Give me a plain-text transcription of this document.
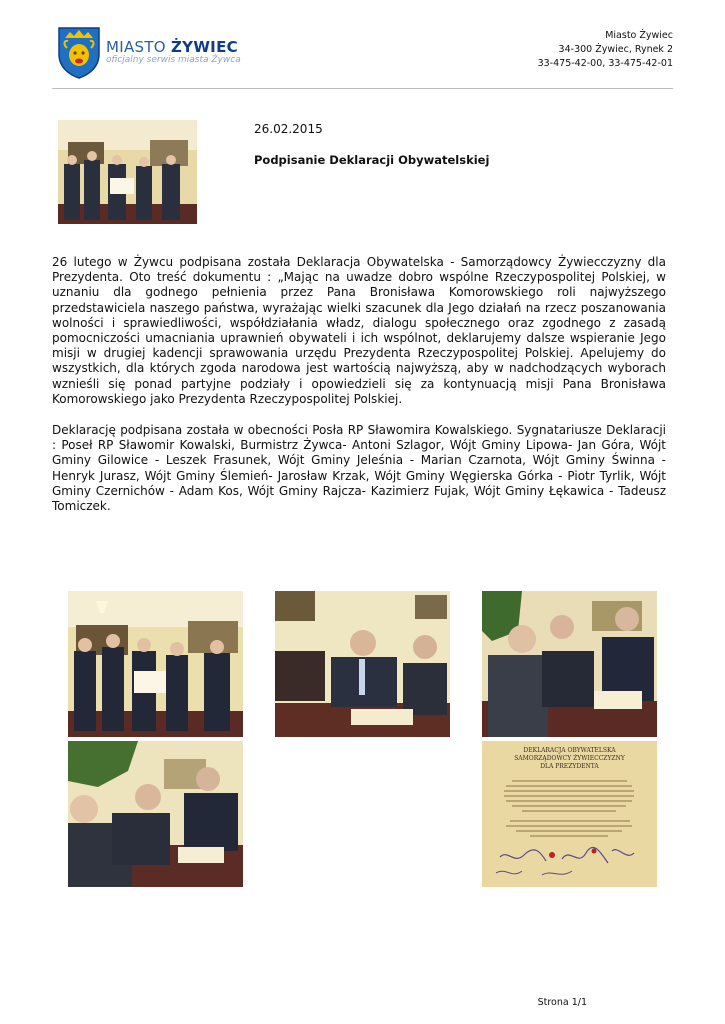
MIASTO ŻYWIEC
oficjalny serwis miasta Żywca
Miasto Żywiec
34-300 Żywiec, Rynek 2
33-475-42-00, 33-475-42-01
26.02.2015
Podpisanie Deklaracji Obywatelskiej

26 lutego w Żywcu podpisana została Deklaracja Obywatelska - Samorządowcy Żywiecczyzny dla Prezydenta. Oto treść dokumentu : „Mając na uwadze dobro wspólne Rzeczypospolitej Polskiej, w uznaniu dla godnego pełnienia przez Pana Bronisława Komorowskiego roli najwyższego przedstawiciela naszego państwa, wyrażając wielki szacunek dla Jego działań na rzecz poszanowania wolności i sprawiedliwości, współdziałania władz, dialogu społecznego oraz zgodnego z zasadą pomocniczości umacniania uprawnień obywateli i ich wspólnot, deklarujemy dalsze wspieranie Jego misji w drugiej kadencji sprawowania urzędu Prezydenta Rzeczypospolitej Polskiej. Apelujemy do wszystkich, dla których zgoda narodowa jest wartością najwyższą, aby w nadchodzących wyborach wznieśli się ponad partyjne podziały i opowiedzieli się za kontynuacją misji Pana Bronisława Komorowskiego jako Prezydenta Rzeczypospolitej Polskiej.

Deklarację podpisana została w obecności Posła RP Sławomira Kowalskiego. Sygnatariusze Deklaracji : Poseł RP Sławomir Kowalski, Burmistrz Żywca- Antoni Szlagor, Wójt Gminy Lipowa- Jan Góra, Wójt Gminy Gilowice - Leszek Frasunek, Wójt Gminy Jeleśnia - Marian Czarnota, Wójt Gminy Świnna - Henryk Jurasz, Wójt Gminy Ślemień- Jarosław Krzak, Wójt Gminy Węgierska Górka - Piotr Tyrlik, Wójt Gminy Czernichów - Adam Kos, Wójt Gminy Rajcza- Kazimierz Fujak, Wójt Gminy Łękawica - Tadeusz Tomiczek.

DEKLARACJA OBYWATELSKA
SAMORZĄDOWCY ŻYWIECCZYZNY
DLA PREZYDENTA
Strona 1/1
